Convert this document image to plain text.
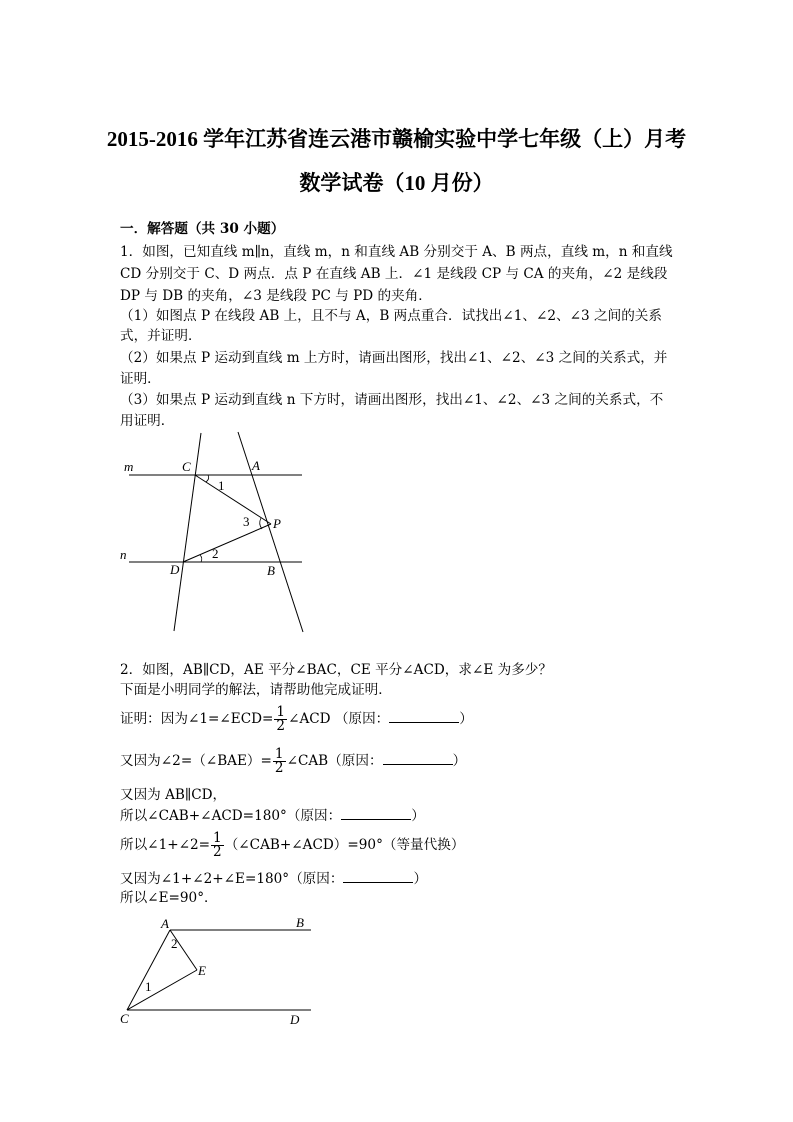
2015-2016 学年江苏省连云港市赣榆实验中学七年级（上）月考
数学试卷（10 月份）
一．解答题（共 30 小题）
1．如图，已知直线 m∥n，直线 m，n 和直线 AB 分别交于 A、B 两点，直线 m，n 和直线
CD 分别交于 C、D 两点．点 P 在直线 AB 上．∠1 是线段 CP 与 CA 的夹角，∠2 是线段
DP 与 DB 的夹角，∠3 是线段 PC 与 PD 的夹角．
（1）如图点 P 在线段 AB 上，且不与 A，B 两点重合．试找出∠1、∠2、∠3 之间的关系
式，并证明．
（2）如果点 P 运动到直线 m 上方时，请画出图形，找出∠1、∠2、∠3 之间的关系式，并
证明．
（3）如果点 P 运动到直线 n 下方时，请画出图形，找出∠1、∠2、∠3 之间的关系式，不
用证明．
m
n
C	A
P
D	B
1
2
3
2．如图，AB∥CD，AE 平分∠BAC，CE 平分∠ACD，求∠E 为多少？
下面是小明同学的解法，请帮助他完成证明．
证明：因为∠1=∠ECD= $\frac{1}{2}$ ∠ACD （原因：	）
又因为∠2=（∠BAE）= $\frac{1}{2}$ ∠CAB（原因：	）
又因为 AB∥CD，
所以∠CAB+∠ACD=180°（原因：	）
所以∠1+∠2= $\frac{1}{2}$ （∠CAB+∠ACD）=90°（等量代换）
又因为∠1+∠2+∠E=180°（原因：	）
所以∠E=90°．
A	B
C	D
E
2
1
